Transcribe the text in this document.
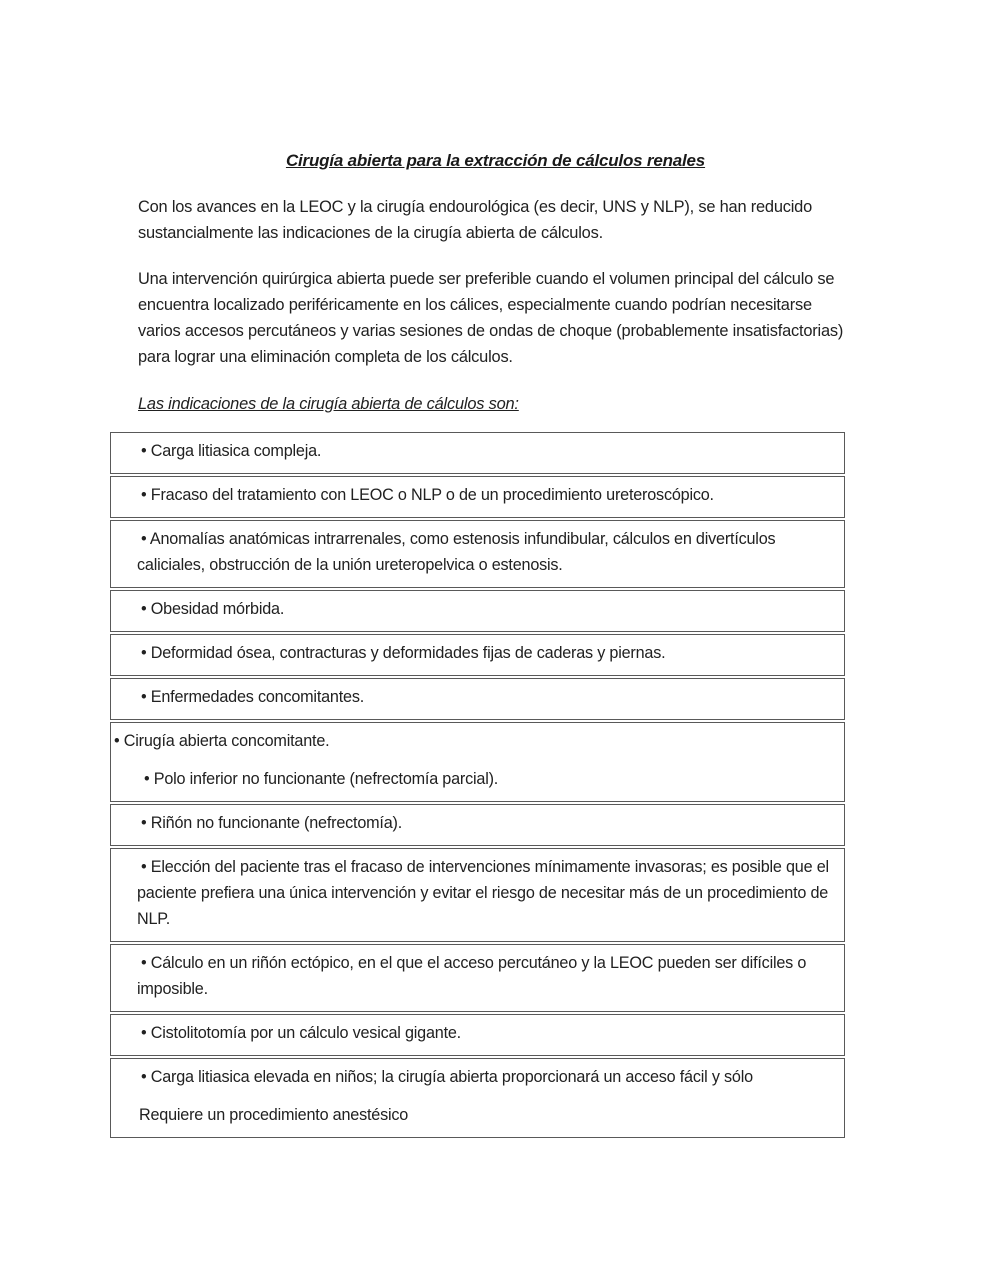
Cirugía abierta para la extracción de cálculos renales

Con los avances en la LEOC y la cirugía endourológica (es decir, UNS y NLP), se han reducido sustancialmente las indicaciones de la cirugía abierta de cálculos.

Una intervención quirúrgica abierta puede ser preferible cuando el volumen principal del cálculo se encuentra localizado periféricamente en los cálices, especialmente cuando podrían necesitarse varios accesos percutáneos y varias sesiones de ondas de choque (probablemente insatisfactorias) para lograr una eliminación completa de los cálculos.

Las indicaciones de la cirugía abierta de cálculos son:

• Carga litiasica compleja.

• Fracaso del tratamiento con LEOC o NLP o de un procedimiento ureteroscópico.

• Anomalías anatómicas intrarrenales, como estenosis infundibular, cálculos en divertículos caliciales, obstrucción de la unión ureteropelvica o estenosis.

• Obesidad mórbida.

• Deformidad ósea, contracturas y deformidades fijas de caderas y piernas.

• Enfermedades concomitantes.

• Cirugía abierta concomitante.

• Polo inferior no funcionante (nefrectomía parcial).

• Riñón no funcionante (nefrectomía).

• Elección del paciente tras el fracaso de intervenciones mínimamente invasoras; es posible que el paciente prefiera una única intervención y evitar el riesgo de necesitar más de un procedimiento de NLP.

• Cálculo en un riñón ectópico, en el que el acceso percutáneo y la LEOC pueden ser difíciles o imposible.

• Cistolitotomía por un cálculo vesical gigante.

• Carga litiasica elevada en niños; la cirugía abierta proporcionará un acceso fácil y sólo

Requiere un procedimiento anestésico
